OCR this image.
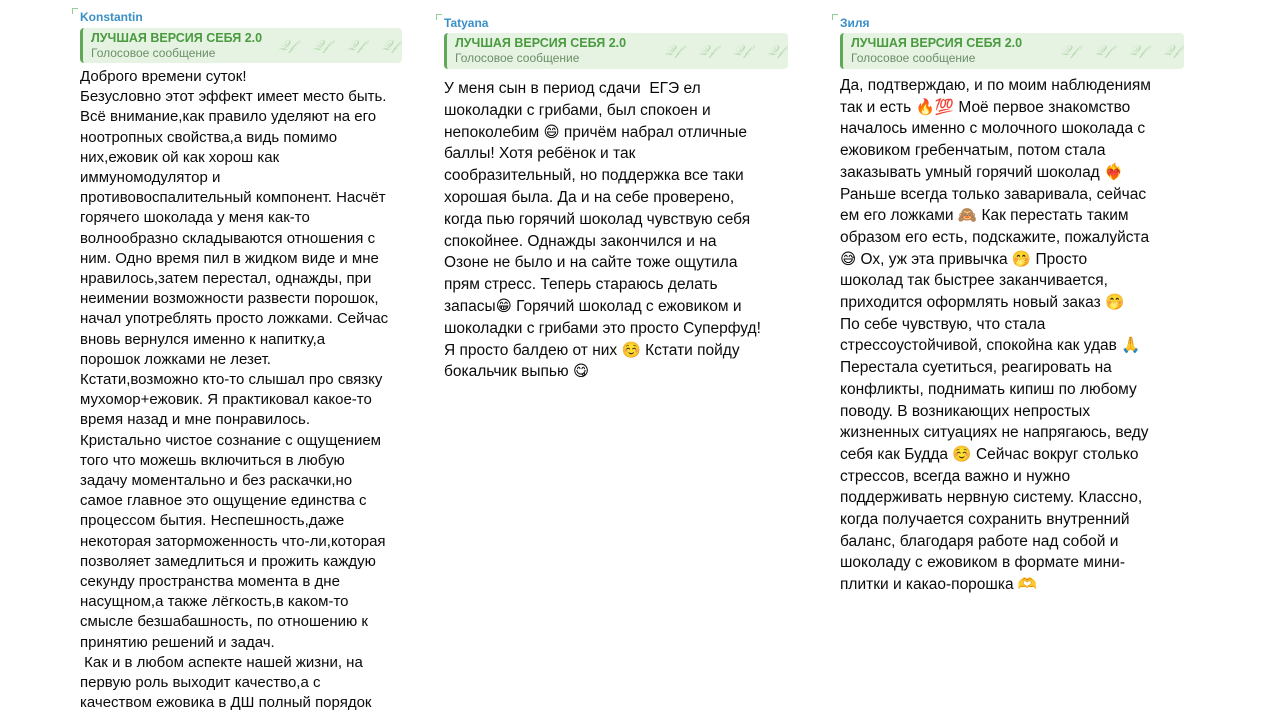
Konstantin
ЛУЧШАЯ ВЕРСИЯ СЕБЯ 2.0
Голосовое сообщение	𝒬𝒻 𝒬𝒻 𝒬𝒻 𝒬𝒻
Доброго времени суток!
Безусловно этот эффект имеет место быть.
Всё внимание,как правило уделяют на его
ноотропных свойства,а видь помимо
них,ежовик ой как хорош как
иммуномодулятор и
противовоспалительный компонент. Насчёт
горячего шоколада у меня как-то
волнообразно складываются отношения с
ним. Одно время пил в жидком виде и мне
нравилось,затем перестал, однажды, при
неимении возможности развести порошок,
начал употреблять просто ложками. Сейчас
вновь вернулся именно к напитку,а
порошок ложками не лезет.
Кстати,возможно кто-то слышал про связку
мухомор+ежовик. Я практиковал какое-то
время назад и мне понравилось.
Кристально чистое сознание с ощущением
того что можешь включиться в любую
задачу моментально и без раскачки,но
самое главное это ощущение единства с
процессом бытия. Неспешность,даже
некоторая заторможенность что-ли,которая
позволяет замедлиться и прожить каждую
секунду пространства момента в дне
насущном,а также лёгкость,в каком-то
смысле безшабашность, по отношению к
принятию решений и задач.
Как и в любом аспекте нашей жизни, на
первую роль выходит качество,а с
качеством ежовика в ДШ полный порядок
Tatyana
ЛУЧШАЯ ВЕРСИЯ СЕБЯ 2.0
Голосовое сообщение	𝒬𝒻 𝒬𝒻 𝒬𝒻 𝒬𝒻
У меня сын в период сдачи  ЕГЭ ел
шоколадки с грибами, был спокоен и
непоколебим 😄 причём набрал отличные
баллы! Хотя ребёнок и так
сообразительный, но поддержка все таки
хорошая была. Да и на себе проверено,
когда пью горячий шоколад чувствую себя
спокойнее. Однажды закончился и на
Озоне не было и на сайте тоже ощутила
прям стресс. Теперь стараюсь делать
запасы😁 Горячий шоколад с ежовиком и
шоколадки с грибами это просто Суперфуд!
Я просто балдею от них ☺️ Кстати пойду
бокальчик выпью 😋
Зиля
ЛУЧШАЯ ВЕРСИЯ СЕБЯ 2.0
Голосовое сообщение	𝒬𝒻 𝒬𝒻 𝒬𝒻 𝒬𝒻
Да, подтверждаю, и по моим наблюдениям
так и есть 🔥💯 Моё первое знакомство
началось именно с молочного шоколада с
ежовиком гребенчатым, потом стала
заказывать умный горячий шоколад ❤️‍🔥
Раньше всегда только заваривала, сейчас
ем его ложками 🙈 Как перестать таким
образом его есть, подскажите, пожалуйста
😅 Ох, уж эта привычка 🤭 Просто
шоколад так быстрее заканчивается,
приходится оформлять новый заказ 🤭
По себе чувствую, что стала
стрессоустойчивой, спокойна как удав 🙏
Перестала суетиться, реагировать на
конфликты, поднимать кипиш по любому
поводу. В возникающих непростых
жизненных ситуациях не напрягаюсь, веду
себя как Будда ☺️ Сейчас вокруг столько
стрессов, всегда важно и нужно
поддерживать нервную систему. Классно,
когда получается сохранить внутренний
баланс, благодаря работе над собой и
шоколаду с ежовиком в формате мини-
плитки и какао-порошка 🫶
